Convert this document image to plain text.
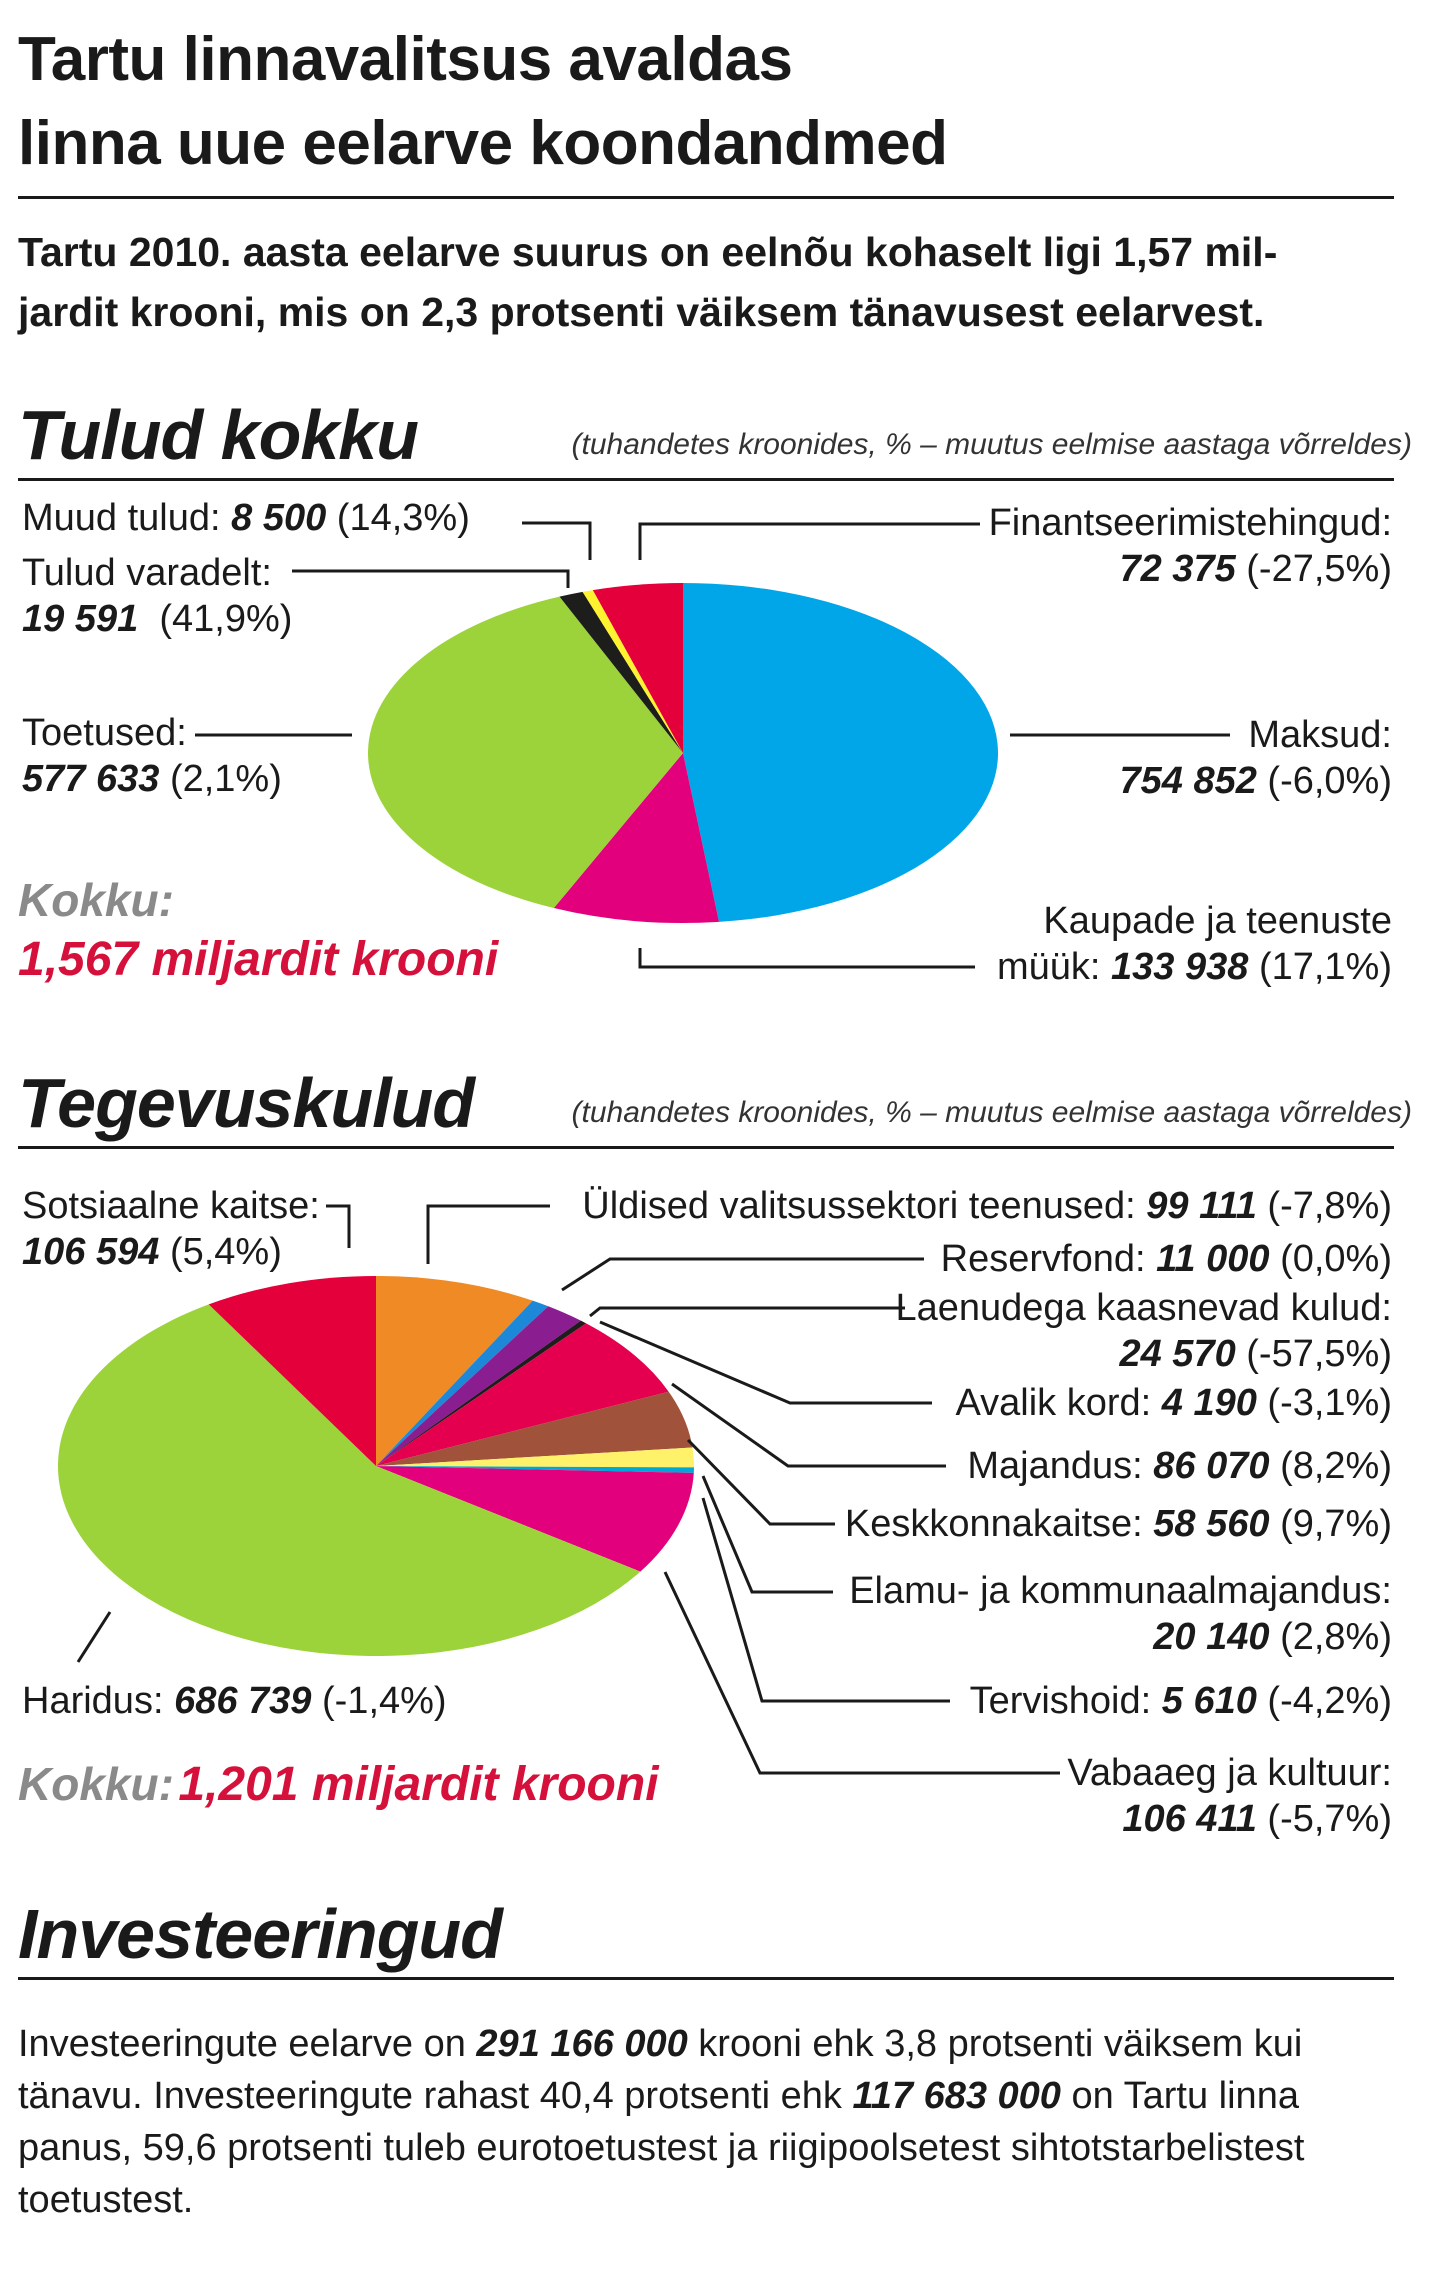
Tartu linnavalitsus avaldas
linna uue eelarve koondandmed
Tartu 2010. aasta eelarve suurus on eelnõu kohaselt ligi 1,57 mil-
jardit krooni, mis on 2,3 protsenti väiksem tänavusest eelarvest.
Tulud kokku	(tuhandetes kroonides, % – muutus eelmise aastaga võrreldes)
Tegevuskulud	(tuhandetes kroonides, % – muutus eelmise aastaga võrreldes)
Muud tulud: 8 500 (14,3%)
Tulud varadelt:
19 591 (41,9%)
Toetused:
577 633 (2,1%)
Finantseerimistehingud:
72 375 (-27,5%)
Maksud:
754 852 (-6,0%)
Kaupade ja teenuste
müük: 133 938 (17,1%)
Kokku:
1,567 miljardit krooni
Sotsiaalne kaitse:
106 594 (5,4%)
Üldised valitsussektori teenused: 99 111 (-7,8%)
Reservfond: 11 000 (0,0%)
Laenudega kaasnevad kulud:
24 570 (-57,5%)
Avalik kord: 4 190 (-3,1%)
Majandus: 86 070 (8,2%)
Keskkonnakaitse: 58 560 (9,7%)
Elamu- ja kommunaalmajandus:
20 140 (2,8%)
Tervishoid: 5 610 (-4,2%)
Vabaaeg ja kultuur:
106 411 (-5,7%)
Haridus: 686 739 (-1,4%)
Kokku: 1,201 miljardit krooni
Investeeringud
Investeeringute eelarve on 291 166 000 krooni ehk 3,8 protsenti väiksem kui tänavu. Investeeringute rahast 40,4 protsenti ehk 117 683 000 on Tartu linna panus, 59,6 protsenti tuleb eurotoetustest ja riigipoolsetest sihtotstarbelistest toetustest.
